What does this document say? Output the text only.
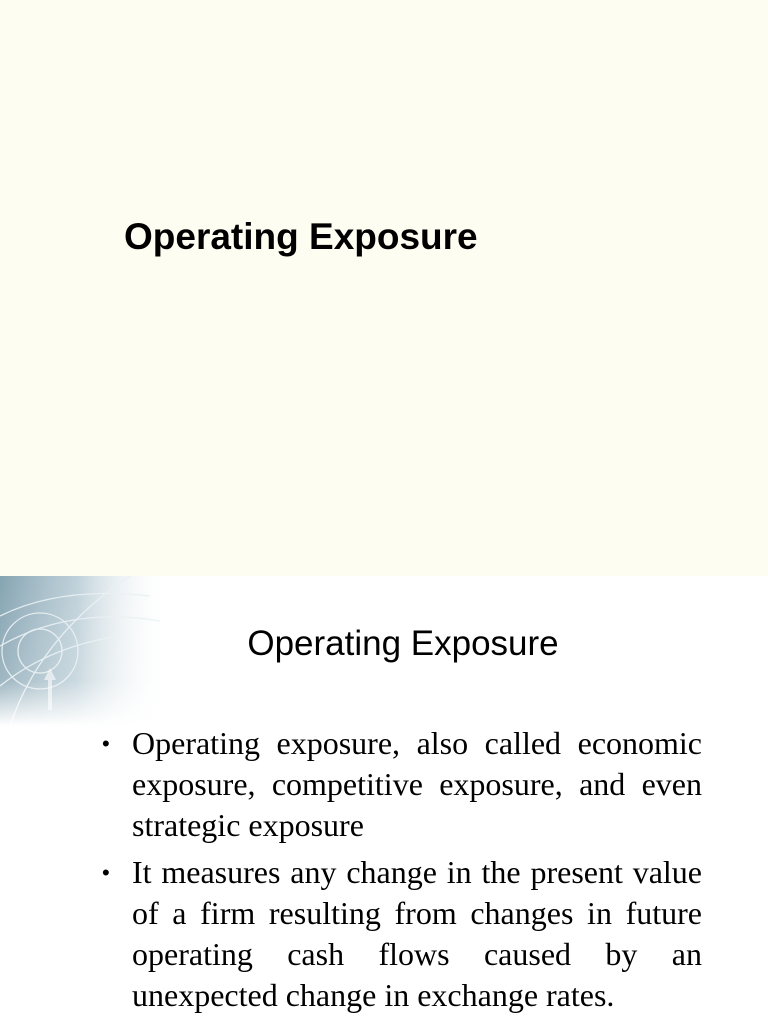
Operating Exposure
Operating Exposure
• Operating exposure, also called economic exposure, competitive exposure, and even strategic exposure
• It measures any change in the present value of a firm resulting from changes in future operating cash flows caused by an unexpected change in exchange rates.
